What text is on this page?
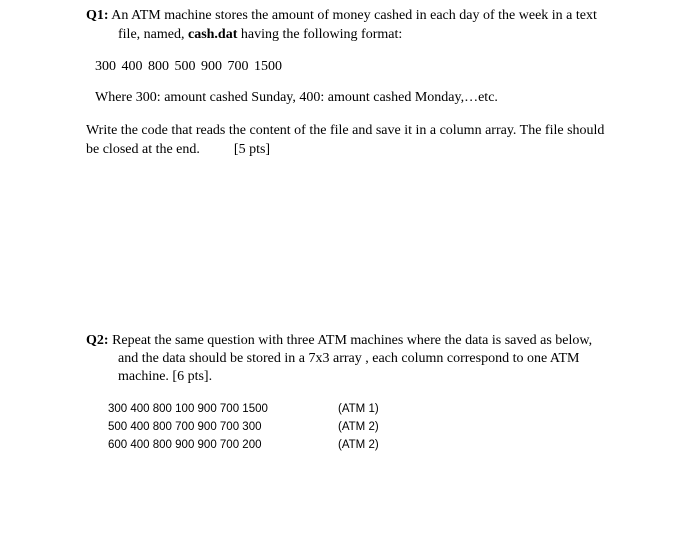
Q1: An ATM machine stores the amount of money cashed in each day of the week in a text
file, named, cash.dat having the following format:
300 400 800 500 900 700 1500
Where 300: amount cashed Sunday, 400: amount cashed Monday,…etc.
Write the code that reads the content of the file and save it in a column array. The file should
be closed at the end. [5 pts]
Q2: Repeat the same question with three ATM machines where the data is saved as below,
and the data should be stored in a 7x3 array , each column correspond to one ATM
machine. [6 pts].
300 400 800 100 900 700 1500	(ATM 1)
500 400 800 700 900 700 300	(ATM 2)
600 400 800 900 900 700 200	(ATM 2)
